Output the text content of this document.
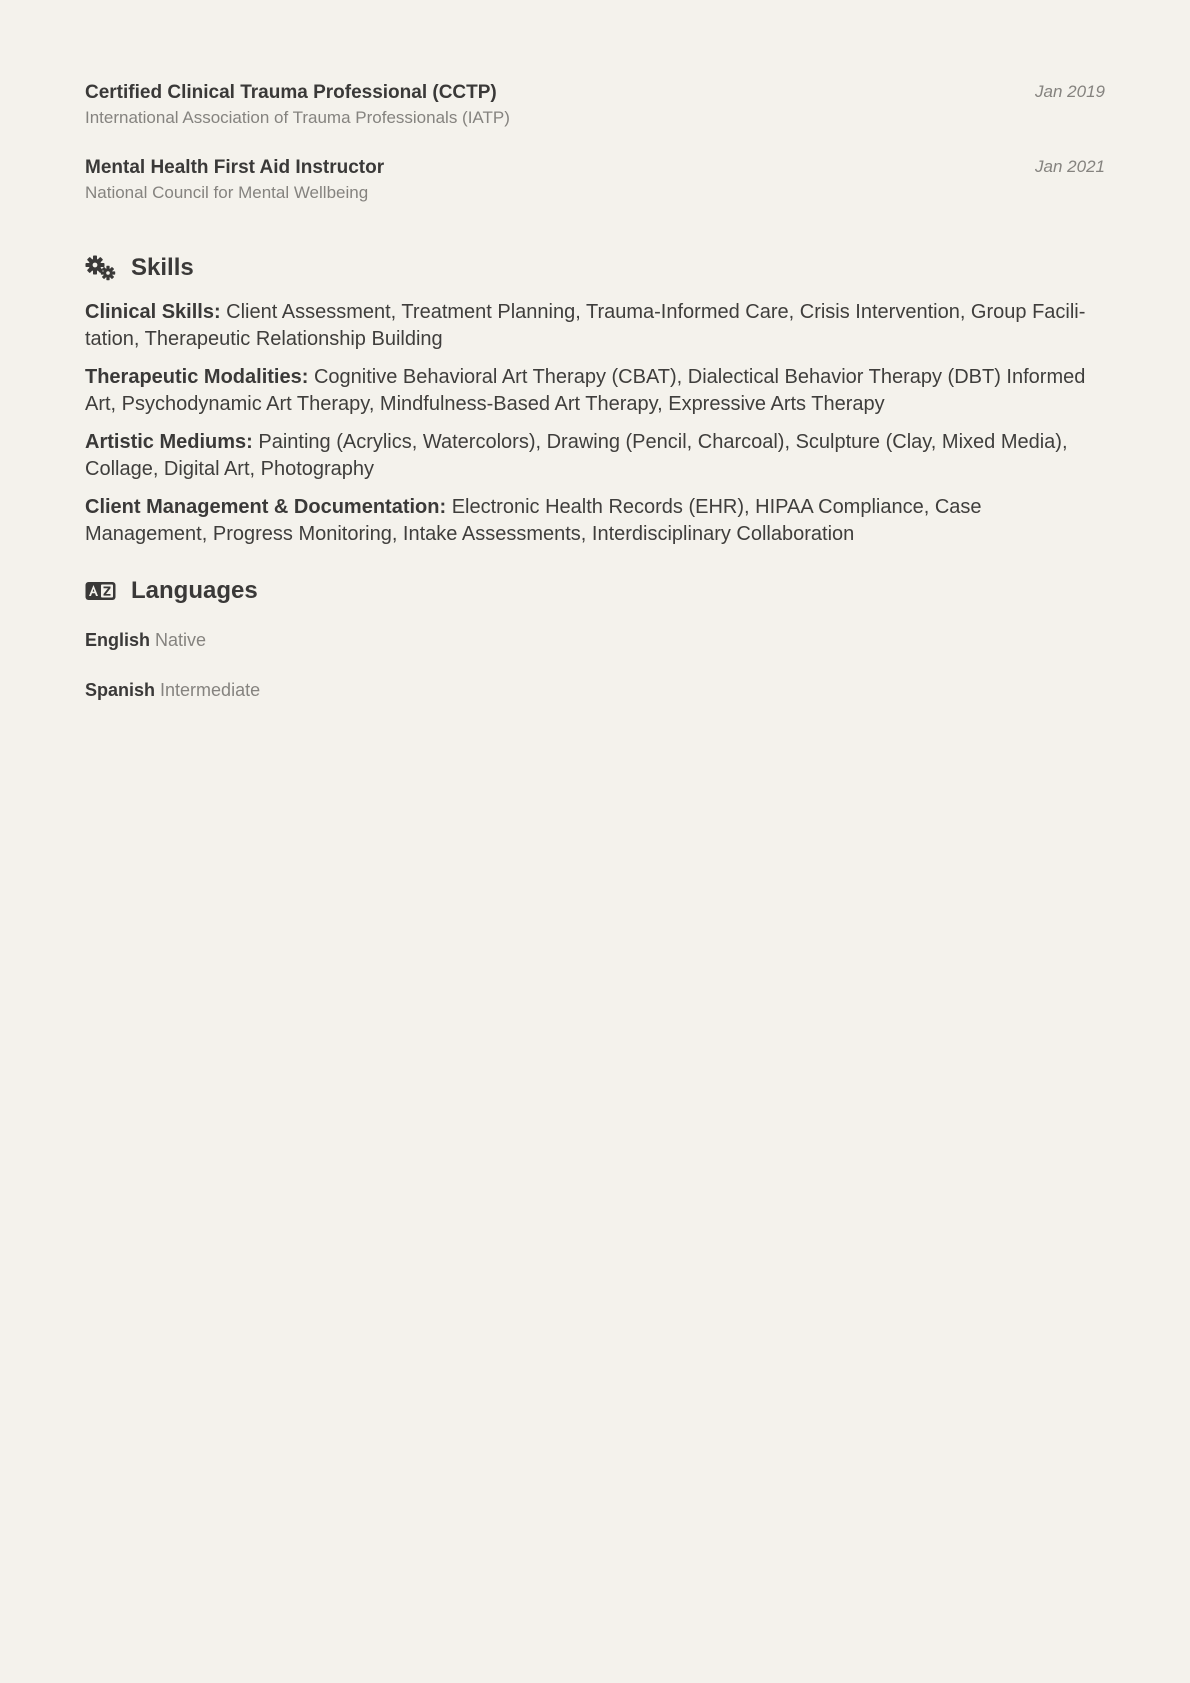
Certified Clinical Trauma Professional (CCTP)
International Association of Trauma Professionals (IATP)
Jan 2019
Mental Health First Aid Instructor
National Council for Mental Wellbeing
Jan 2021
Skills
Clinical Skills: Client Assessment, Treatment Planning, Trauma-Informed Care, Crisis Intervention, Group Facili-tation, Therapeutic Relationship Building
Therapeutic Modalities: Cognitive Behavioral Art Therapy (CBAT), Dialectical Behavior Therapy (DBT) Informed Art, Psychodynamic Art Therapy, Mindfulness-Based Art Therapy, Expressive Arts Therapy
Artistic Mediums: Painting (Acrylics, Watercolors), Drawing (Pencil, Charcoal), Sculpture (Clay, Mixed Media), Collage, Digital Art, Photography
Client Management & Documentation: Electronic Health Records (EHR), HIPAA Compliance, Case Management, Progress Monitoring, Intake Assessments, Interdisciplinary Collaboration
Languages
English Native
Spanish Intermediate
